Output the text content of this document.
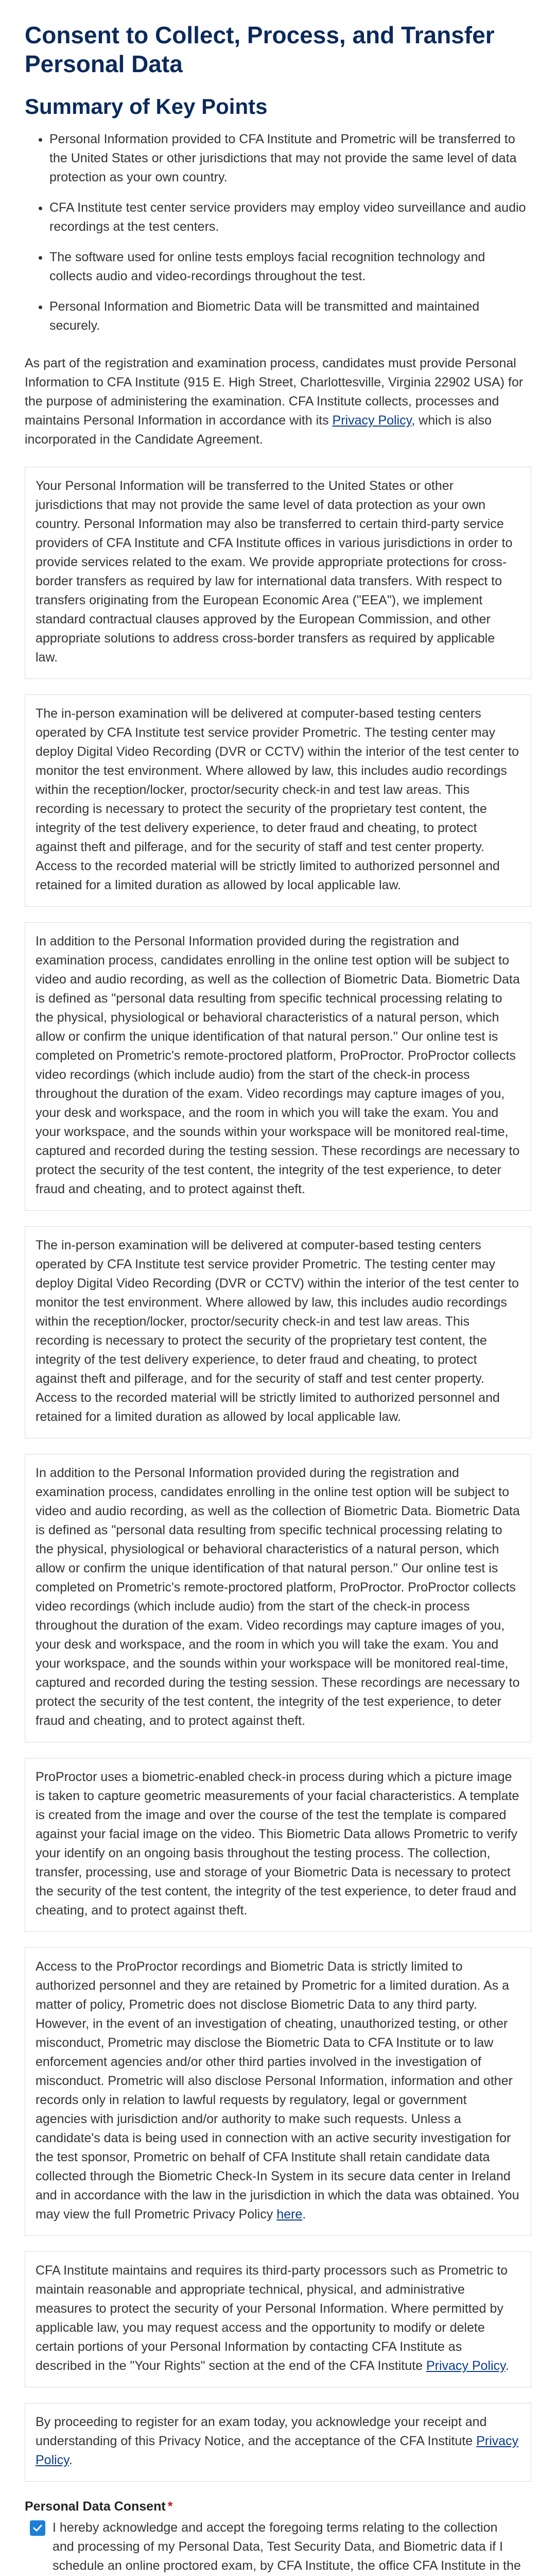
Consent to Collect, Process, and Transfer Personal Data
Summary of Key Points
• Personal Information provided to CFA Institute and Prometric will be transferred to the United States or other jurisdictions that may not provide the same level of data protection as your own country.
• CFA Institute test center service providers may employ video surveillance and audio recordings at the test centers.
• The software used for online tests employs facial recognition technology and collects audio and video-recordings throughout the test.
• Personal Information and Biometric Data will be transmitted and maintained securely.
As part of the registration and examination process, candidates must provide Personal Information to CFA Institute (915 E. High Street, Charlottesville, Virginia 22902 USA) for the purpose of administering the examination. CFA Institute collects, processes and maintains Personal Information in accordance with its Privacy Policy, which is also incorporated in the Candidate Agreement.
Your Personal Information will be transferred to the United States or other jurisdictions that may not provide the same level of data protection as your own country. Personal Information may also be transferred to certain third-party service providers of CFA Institute and CFA Institute offices in various jurisdictions in order to provide services related to the exam. We provide appropriate protections for cross-border transfers as required by law for international data transfers. With respect to transfers originating from the European Economic Area ("EEA"), we implement standard contractual clauses approved by the European Commission, and other appropriate solutions to address cross-border transfers as required by applicable law.
The in-person examination will be delivered at computer-based testing centers operated by CFA Institute test service provider Prometric. The testing center may deploy Digital Video Recording (DVR or CCTV) within the interior of the test center to monitor the test environment. Where allowed by law, this includes audio recordings within the reception/locker, proctor/security check-in and test law areas. This recording is necessary to protect the security of the proprietary test content, the integrity of the test delivery experience, to deter fraud and cheating, to protect against theft and pilferage, and for the security of staff and test center property. Access to the recorded material will be strictly limited to authorized personnel and retained for a limited duration as allowed by local applicable law.
In addition to the Personal Information provided during the registration and examination process, candidates enrolling in the online test option will be subject to video and audio recording, as well as the collection of Biometric Data. Biometric Data is defined as "personal data resulting from specific technical processing relating to the physical, physiological or behavioral characteristics of a natural person, which allow or confirm the unique identification of that natural person." Our online test is completed on Prometric's remote-proctored platform, ProProctor. ProProctor collects video recordings (which include audio) from the start of the check-in process throughout the duration of the exam. Video recordings may capture images of you, your desk and workspace, and the room in which you will take the exam. You and your workspace, and the sounds within your workspace will be monitored real-time, captured and recorded during the testing session. These recordings are necessary to protect the security of the test content, the integrity of the test experience, to deter fraud and cheating, and to protect against theft.
The in-person examination will be delivered at computer-based testing centers operated by CFA Institute test service provider Prometric. The testing center may deploy Digital Video Recording (DVR or CCTV) within the interior of the test center to monitor the test environment. Where allowed by law, this includes audio recordings within the reception/locker, proctor/security check-in and test law areas. This recording is necessary to protect the security of the proprietary test content, the integrity of the test delivery experience, to deter fraud and cheating, to protect against theft and pilferage, and for the security of staff and test center property. Access to the recorded material will be strictly limited to authorized personnel and retained for a limited duration as allowed by local applicable law.
In addition to the Personal Information provided during the registration and examination process, candidates enrolling in the online test option will be subject to video and audio recording, as well as the collection of Biometric Data. Biometric Data is defined as "personal data resulting from specific technical processing relating to the physical, physiological or behavioral characteristics of a natural person, which allow or confirm the unique identification of that natural person." Our online test is completed on Prometric's remote-proctored platform, ProProctor. ProProctor collects video recordings (which include audio) from the start of the check-in process throughout the duration of the exam. Video recordings may capture images of you, your desk and workspace, and the room in which you will take the exam. You and your workspace, and the sounds within your workspace will be monitored real-time, captured and recorded during the testing session. These recordings are necessary to protect the security of the test content, the integrity of the test experience, to deter fraud and cheating, and to protect against theft.
ProProctor uses a biometric-enabled check-in process during which a picture image is taken to capture geometric measurements of your facial characteristics. A template is created from the image and over the course of the test the template is compared against your facial image on the video. This Biometric Data allows Prometric to verify your identify on an ongoing basis throughout the testing process. The collection, transfer, processing, use and storage of your Biometric Data is necessary to protect the security of the test content, the integrity of the test experience, to deter fraud and cheating, and to protect against theft.
Access to the ProProctor recordings and Biometric Data is strictly limited to authorized personnel and they are retained by Prometric for a limited duration. As a matter of policy, Prometric does not disclose Biometric Data to any third party. However, in the event of an investigation of cheating, unauthorized testing, or other misconduct, Prometric may disclose the Biometric Data to CFA Institute or to law enforcement agencies and/or other third parties involved in the investigation of misconduct. Prometric will also disclose Personal Information, information and other records only in relation to lawful requests by regulatory, legal or government agencies with jurisdiction and/or authority to make such requests. Unless a candidate's data is being used in connection with an active security investigation for the test sponsor, Prometric on behalf of CFA Institute shall retain candidate data collected through the Biometric Check-In System in its secure data center in Ireland and in accordance with the law in the jurisdiction in which the data was obtained. You may view the full Prometric Privacy Policy here.
CFA Institute maintains and requires its third-party processors such as Prometric to maintain reasonable and appropriate technical, physical, and administrative measures to protect the security of your Personal Information. Where permitted by applicable law, you may request access and the opportunity to modify or delete certain portions of your Personal Information by contacting CFA Institute as described in the "Your Rights" section at the end of the CFA Institute Privacy Policy.
By proceeding to register for an exam today, you acknowledge your receipt and understanding of this Privacy Notice, and the acceptance of the CFA Institute Privacy Policy.
Personal Data Consent *
I hereby acknowledge and accept the foregoing terms relating to the collection and processing of my Personal Data, Test Security Data, and Biometric data if I schedule an online proctored exam, by CFA Institute, the office CFA Institute in the
